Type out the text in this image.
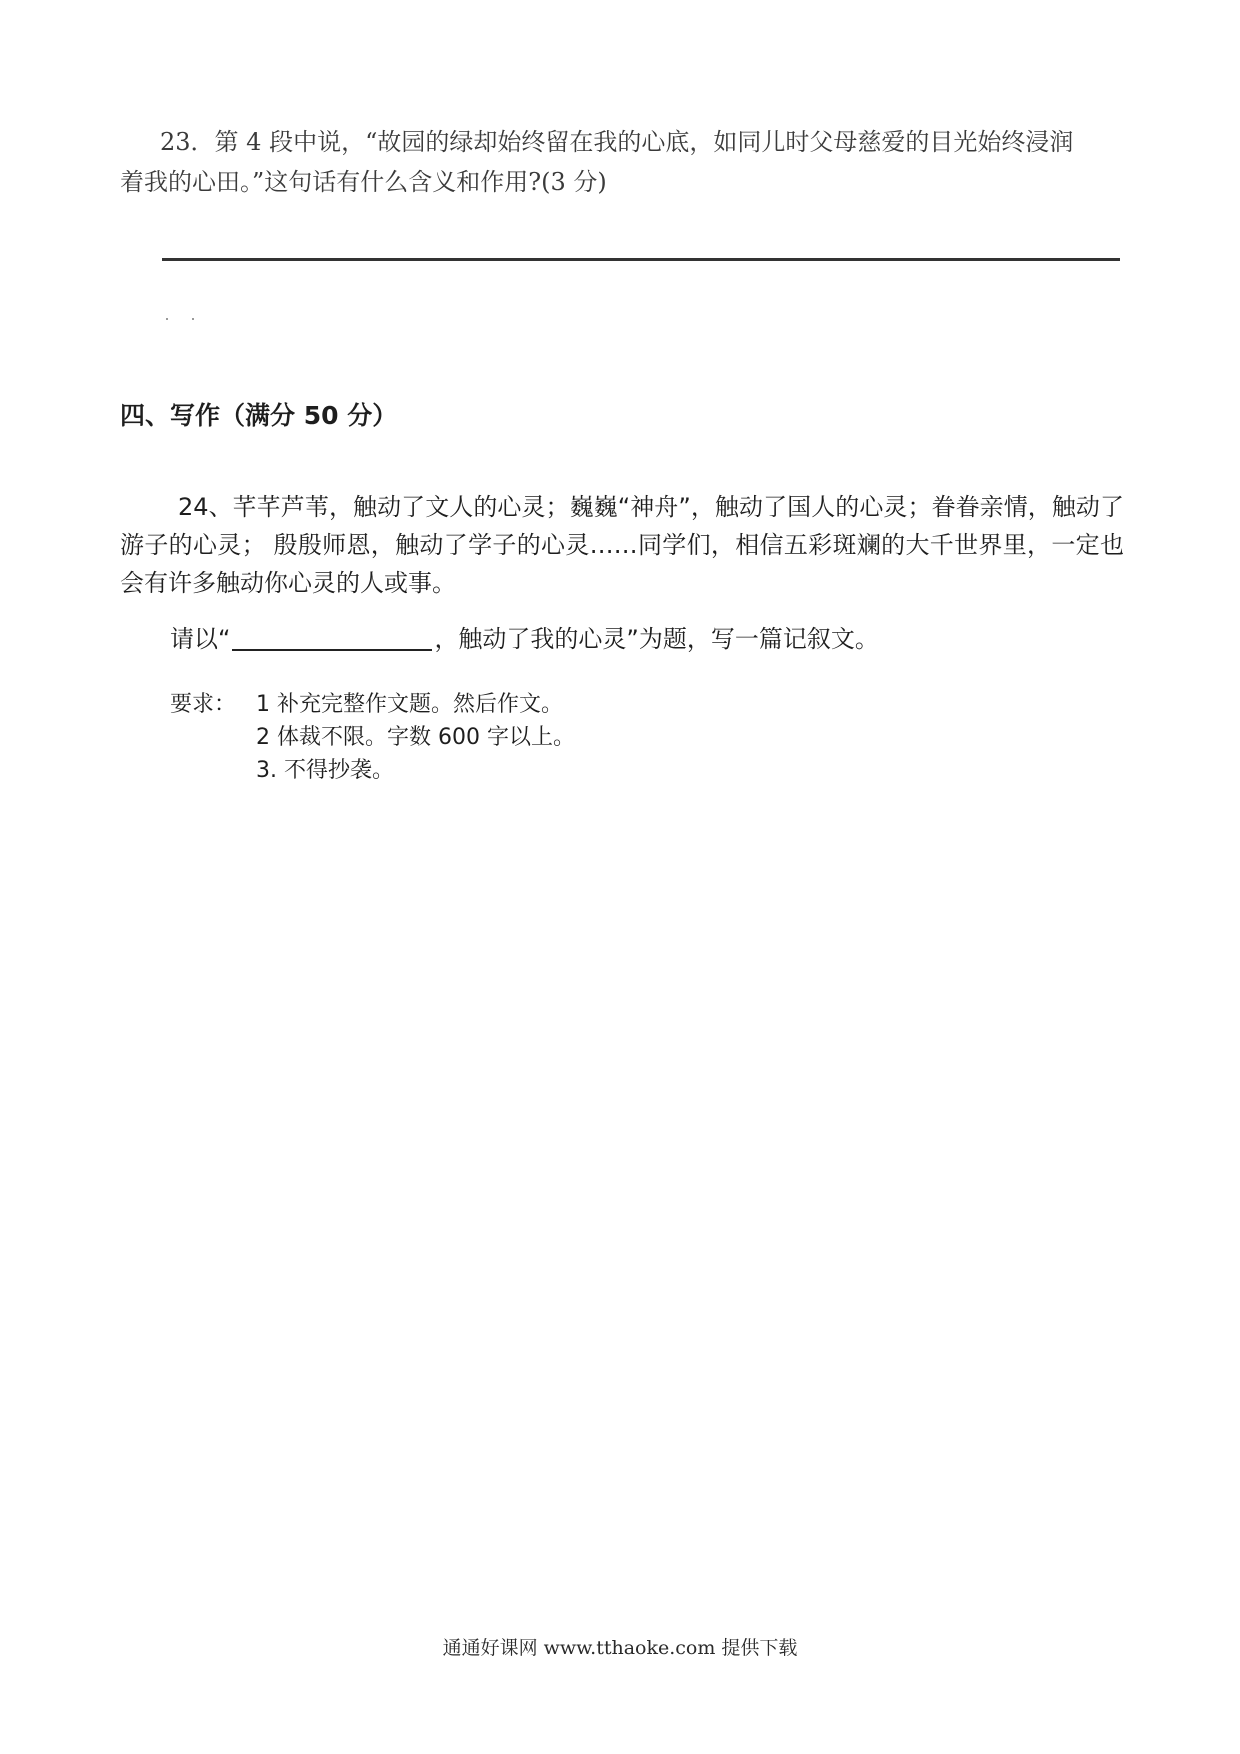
23．第 4 段中说，“故园的绿却始终留在我的心底，如同儿时父母慈爱的目光始终浸润
着我的心田。”这句话有什么含义和作用?(3 分)
四、写作（满分 50 分）
24、芊芊芦苇，触动了文人的心灵；巍巍“神舟”，触动了国人的心灵；眷眷亲情，触动了游子的心灵； 殷殷师恩，触动了学子的心灵……同学们，相信五彩斑斓的大千世界里，一定也会有许多触动你心灵的人或事。
请以“	，触动了我的心灵”为题，写一篇记叙文。
要求： 1 补充完整作文题。然后作文。
2 体裁不限。字数 600 字以上。
3. 不得抄袭。
通通好课网 www.tthaoke.com 提供下载
